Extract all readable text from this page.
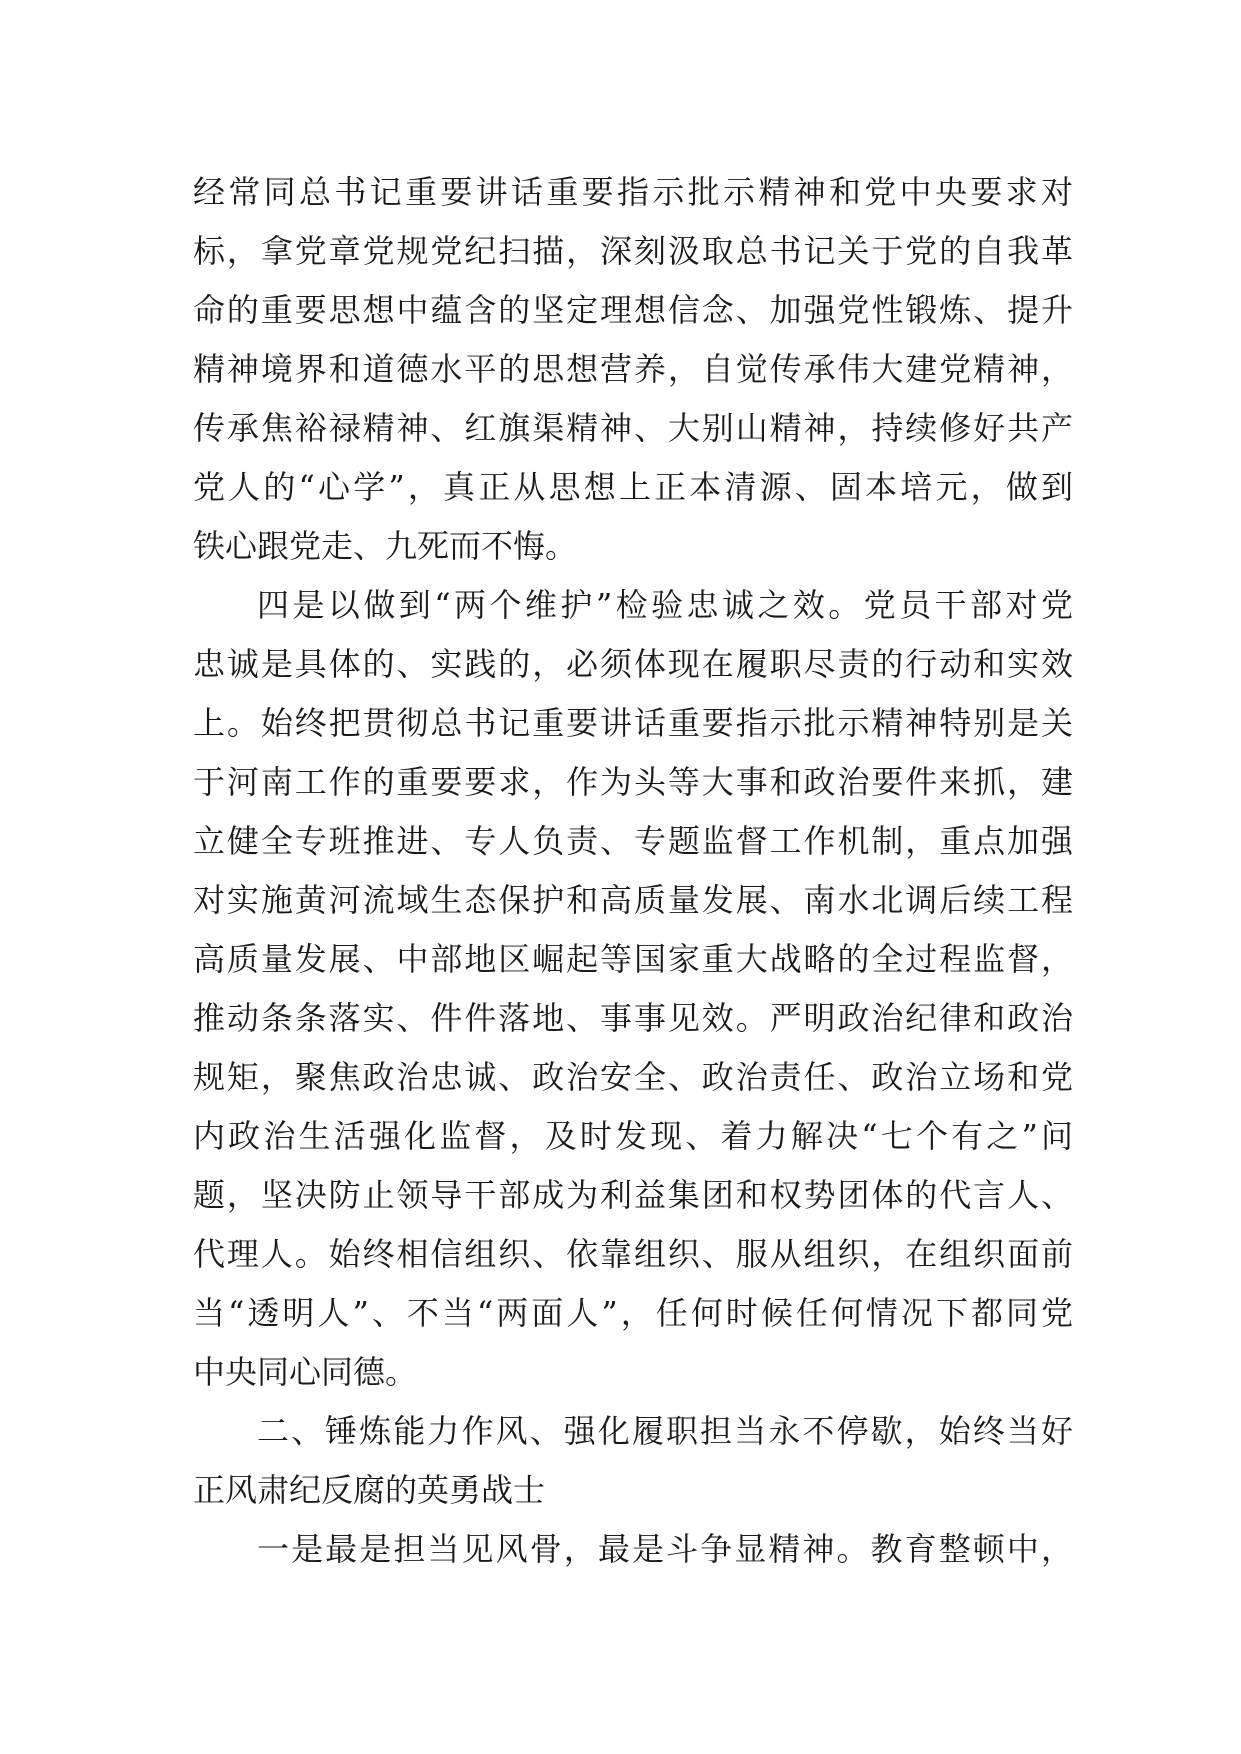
经常同总书记重要讲话重要指示批示精神和党中央要求对
标，拿党章党规党纪扫描，深刻汲取总书记关于党的自我革
命的重要思想中蕴含的坚定理想信念、加强党性锻炼、提升
精神境界和道德水平的思想营养，自觉传承伟大建党精神，
传承焦裕禄精神、红旗渠精神、大别山精神，持续修好共产
党人的“心学”，真正从思想上正本清源、固本培元，做到
铁心跟党走、九死而不悔。
四是以做到“两个维护”检验忠诚之效。党员干部对党
忠诚是具体的、实践的，必须体现在履职尽责的行动和实效
上。始终把贯彻总书记重要讲话重要指示批示精神特别是关
于河南工作的重要要求，作为头等大事和政治要件来抓，建
立健全专班推进、专人负责、专题监督工作机制，重点加强
对实施黄河流域生态保护和高质量发展、南水北调后续工程
高质量发展、中部地区崛起等国家重大战略的全过程监督，
推动条条落实、件件落地、事事见效。严明政治纪律和政治
规矩，聚焦政治忠诚、政治安全、政治责任、政治立场和党
内政治生活强化监督，及时发现、着力解决“七个有之”问
题，坚决防止领导干部成为利益集团和权势团体的代言人、
代理人。始终相信组织、依靠组织、服从组织，在组织面前
当“透明人”、不当“两面人”，任何时候任何情况下都同党
中央同心同德。
二、锤炼能力作风、强化履职担当永不停歇，始终当好
正风肃纪反腐的英勇战士
一是最是担当见风骨，最是斗争显精神。教育整顿中，
